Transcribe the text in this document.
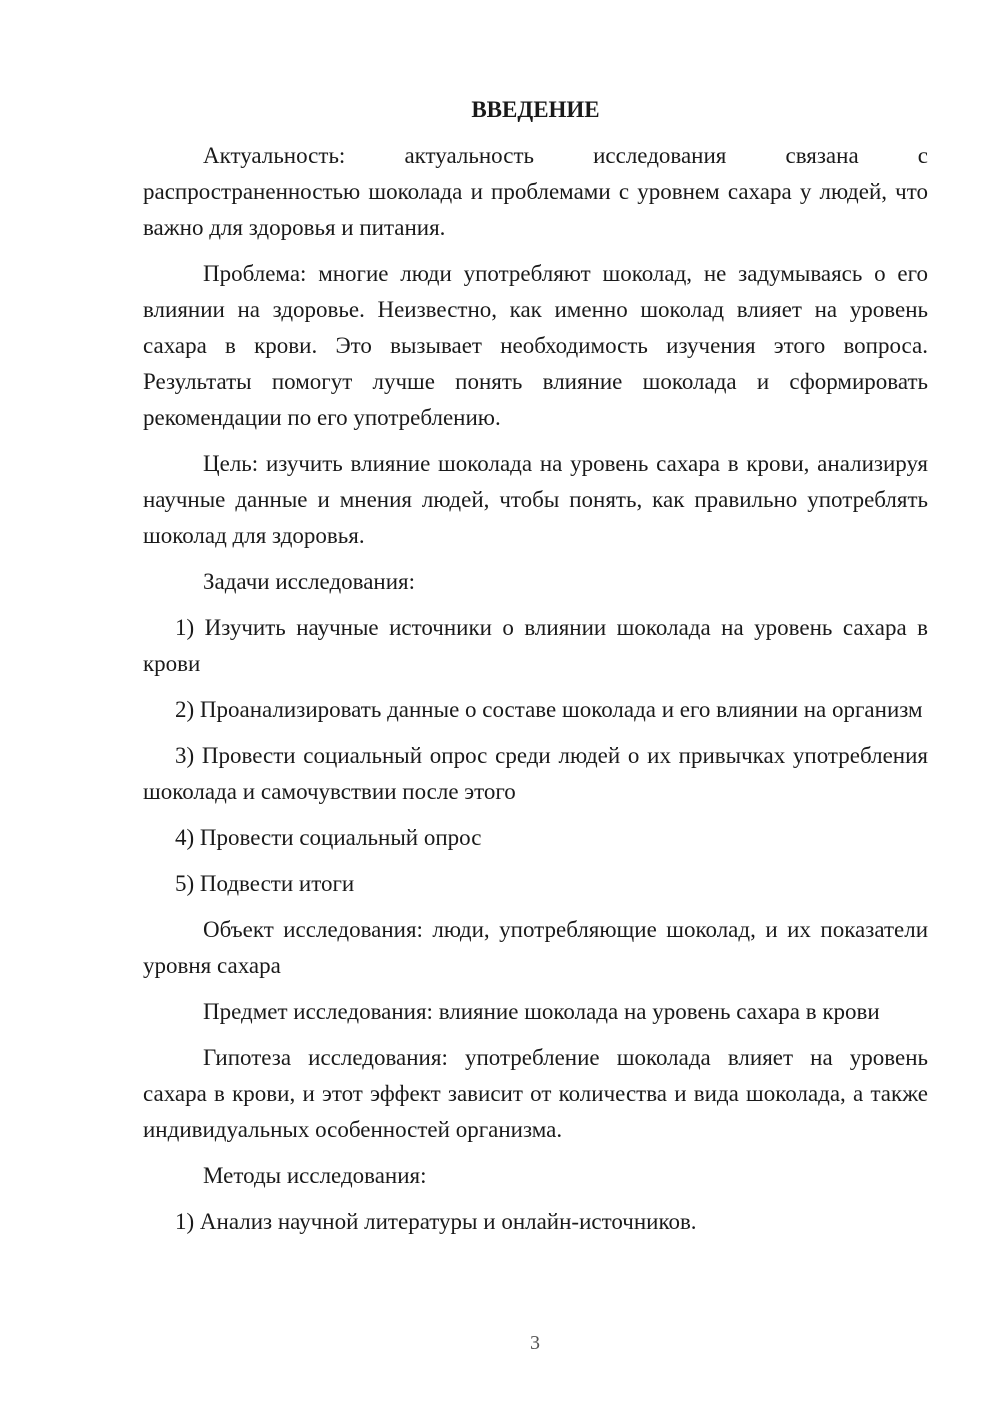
ВВЕДЕНИЕ

Актуальность: актуальность исследования связана с распространенностью шоколада и проблемами с уровнем сахара у людей, что важно для здоровья и питания.

Проблема: многие люди употребляют шоколад, не задумываясь о его влиянии на здоровье. Неизвестно, как именно шоколад влияет на уровень сахара в крови. Это вызывает необходимость изучения этого вопроса. Результаты помогут лучше понять влияние шоколада и сформировать рекомендации по его употреблению.

Цель: изучить влияние шоколада на уровень сахара в крови, анализируя научные данные и мнения людей, чтобы понять, как правильно употреблять шоколад для здоровья.

Задачи исследования:

1) Изучить научные источники о влиянии шоколада на уровень сахара в крови

2) Проанализировать данные о составе шоколада и его влиянии на организм

3) Провести социальный опрос среди людей о их привычках употребления шоколада и самочувствии после этого

4) Провести социальный опрос

5) Подвести итоги

Объект исследования: люди, употребляющие шоколад, и их показатели уровня сахара

Предмет исследования: влияние шоколада на уровень сахара в крови

Гипотеза исследования: употребление шоколада влияет на уровень сахара в крови, и этот эффект зависит от количества и вида шоколада, а также индивидуальных особенностей организма.

Методы исследования:

1) Анализ научной литературы и онлайн-источников.

3
